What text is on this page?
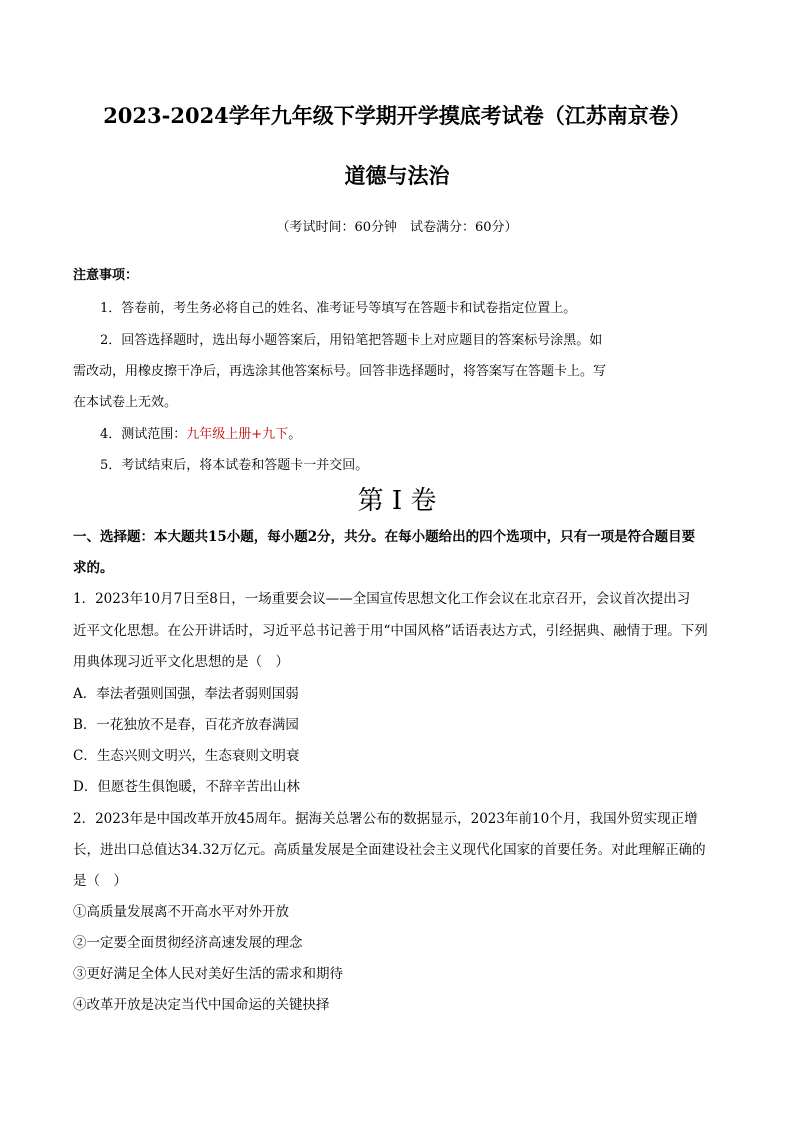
2023-2024学年九年级下学期开学摸底考试卷（江苏南京卷）
道德与法治
（考试时间：60分钟　试卷满分：60分）
注意事项：
1．答卷前，考生务必将自己的姓名、准考证号等填写在答题卡和试卷指定位置上。
2．回答选择题时，选出每小题答案后，用铅笔把答题卡上对应题目的答案标号涂黑。如
需改动，用橡皮擦干净后，再选涂其他答案标号。回答非选择题时，将答案写在答题卡上。写
在本试卷上无效。
4．测试范围：九年级上册+九下。
5．考试结束后，将本试卷和答题卡一并交回。
第 I 卷
一、选择题：本大题共15小题，每小题2分，共分。在每小题给出的四个选项中，只有一项是符合题目要
求的。
1．2023年10月7日至8日，一场重要会议——全国宣传思想文化工作会议在北京召开，会议首次提出习
近平文化思想。在公开讲话时，习近平总书记善于用“中国风格”话语表达方式，引经据典、融情于理。下列
用典体现习近平文化思想的是（　）
A．奉法者强则国强，奉法者弱则国弱
B．一花独放不是春，百花齐放春满园
C．生态兴则文明兴，生态衰则文明衰
D．但愿苍生俱饱暖，不辞辛苦出山林
2．2023年是中国改革开放45周年。据海关总署公布的数据显示，2023年前10个月，我国外贸实现正增
长，进出口总值达34.32万亿元。高质量发展是全面建设社会主义现代化国家的首要任务。对此理解正确的
是（　）
①高质量发展离不开高水平对外开放
②一定要全面贯彻经济高速发展的理念
③更好满足全体人民对美好生活的需求和期待
④改革开放是决定当代中国命运的关键抉择
